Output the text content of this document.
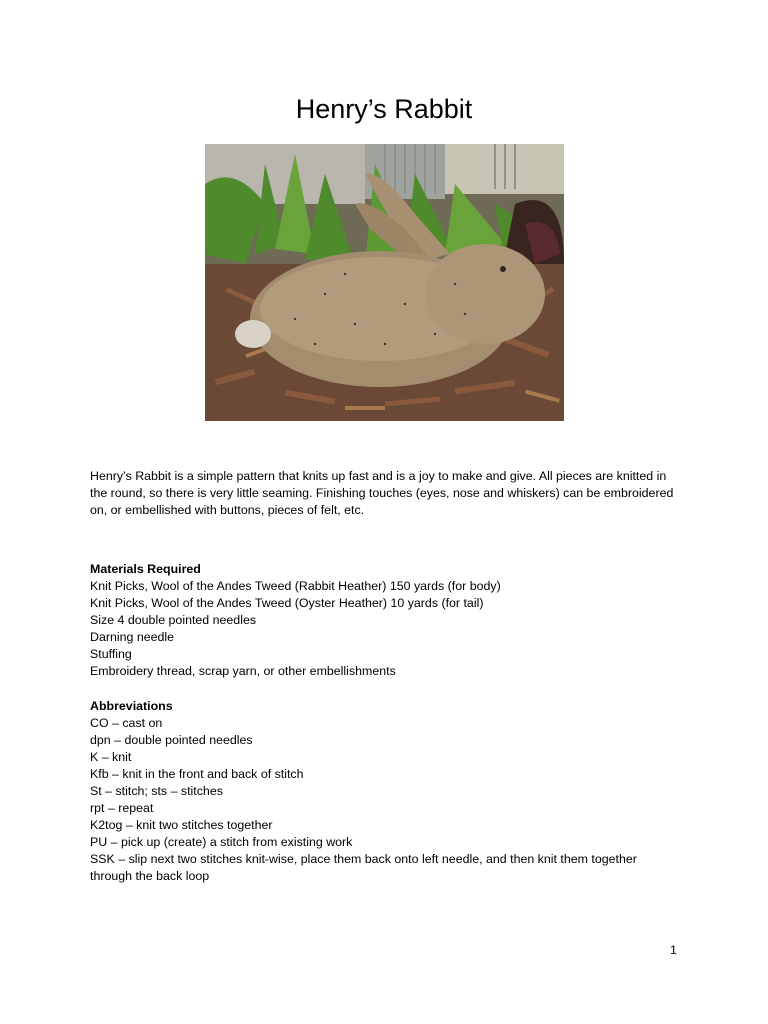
Henry’s Rabbit

Henry’s Rabbit is a simple pattern that knits up fast and is a joy to make and give. All pieces are knitted in the round, so there is very little seaming. Finishing touches (eyes, nose and whiskers) can be embroidered on, or embellished with buttons, pieces of felt, etc.

Materials Required
Knit Picks, Wool of the Andes Tweed (Rabbit Heather) 150 yards (for body)
Knit Picks, Wool of the Andes Tweed (Oyster Heather) 10 yards (for tail)
Size 4 double pointed needles
Darning needle
Stuffing
Embroidery thread, scrap yarn, or other embellishments
Abbreviations
CO – cast on
dpn – double pointed needles
K – knit
Kfb – knit in the front and back of stitch
St – stitch; sts – stitches
rpt – repeat
K2tog – knit two stitches together
PU – pick up (create) a stitch from existing work
SSK – slip next two stitches knit-wise, place them back onto left needle, and then knit them together
through the back loop
1
